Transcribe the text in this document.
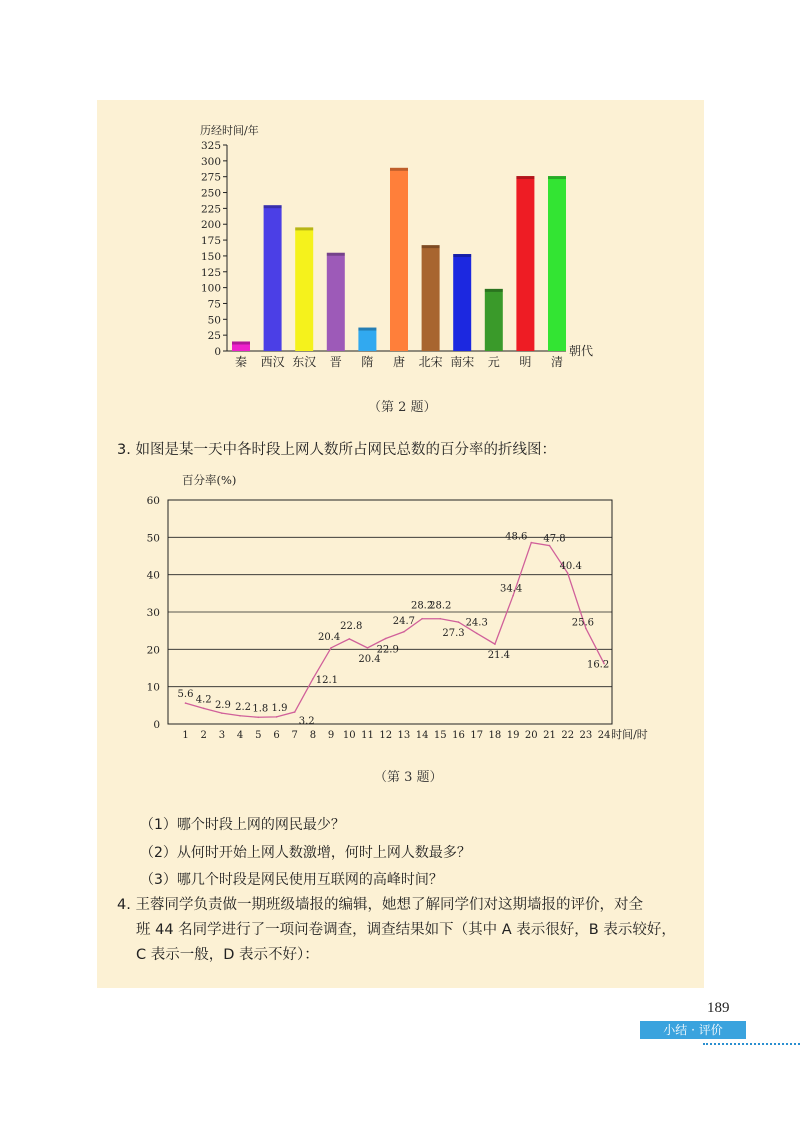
历经时间/年
0
25
50
75
100
125
150
175
200
225
250
275
300
325
秦 西汉 东汉 晋 隋 唐 北宋 南宋 元 明 清
朝代
（第 2 题）
3. 如图是某一天中各时段上网人数所占网民总数的百分率的折线图：
百分率(%)
0
10
20
30
40
50
60
1 2 3 4 5 6 7 8 9 10 11 12 13 14 15 16 17 18 19 20 21 22 23 24 时间/时
5.6 4.2
2.9 2.2 1.8 1.9
3.2
12.1
20.4
22.8
20.4
22.9
24.7
28.2
28.2
27.3
24.3
21.4
34.4
48.6 47.8
40.4
25.6
16.2
（第 3 题）
（1）哪个时段上网的网民最少？
（2）从何时开始上网人数激增，何时上网人数最多？
（3）哪几个时段是网民使用互联网的高峰时间？
4. 王蓉同学负责做一期班级墙报的编辑，她想了解同学们对这期墙报的评价，对全
班 44 名同学进行了一项问卷调查，调查结果如下（其中 A 表示很好，B 表示较好，
C 表示一般，D 表示不好）：
189
小结 · 评价
